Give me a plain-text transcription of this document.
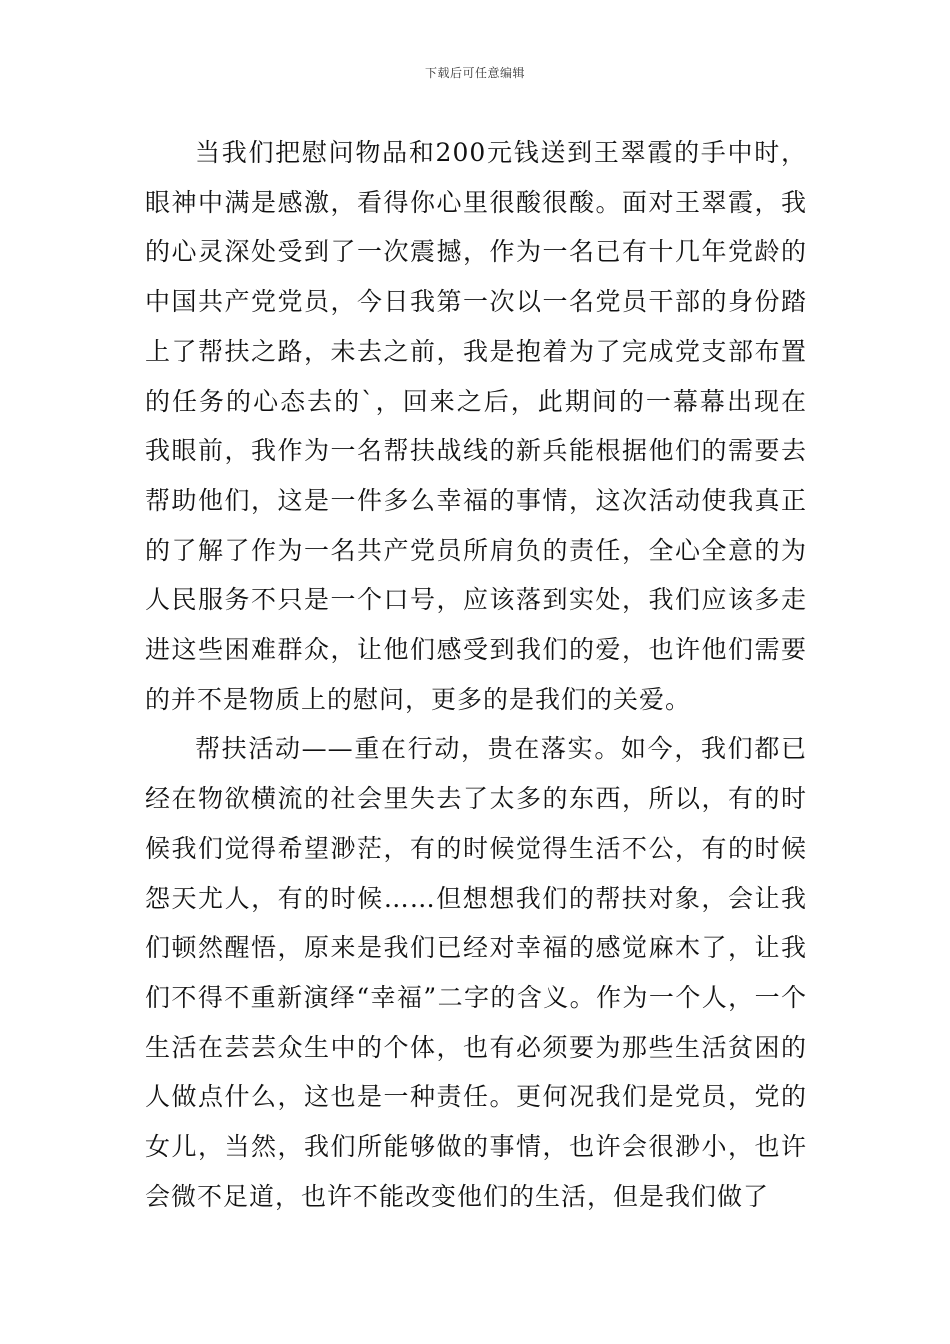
下载后可任意编辑

当我们把慰问物品和200元钱送到王翠霞的手中时，眼神中满是感激，看得你心里很酸很酸。面对王翠霞，我的心灵深处受到了一次震撼，作为一名已有十几年党龄的中国共产党党员，今日我第一次以一名党员干部的身份踏上了帮扶之路，未去之前，我是抱着为了完成党支部布置的任务的心态去的`，回来之后，此期间的一幕幕出现在我眼前，我作为一名帮扶战线的新兵能根据他们的需要去帮助他们，这是一件多么幸福的事情，这次活动使我真正的了解了作为一名共产党员所肩负的责任，全心全意的为人民服务不只是一个口号，应该落到实处，我们应该多走进这些困难群众，让他们感受到我们的爱，也许他们需要的并不是物质上的慰问，更多的是我们的关爱。

帮扶活动——重在行动，贵在落实。如今，我们都已经在物欲横流的社会里失去了太多的东西，所以，有的时候我们觉得希望渺茫，有的时候觉得生活不公，有的时候怨天尤人，有的时候……但想想我们的帮扶对象，会让我们顿然醒悟，原来是我们已经对幸福的感觉麻木了，让我们不得不重新演绎“幸福”二字的含义。作为一个人，一个生活在芸芸众生中的个体，也有必须要为那些生活贫困的人做点什么，这也是一种责任。更何况我们是党员，党的女儿，当然，我们所能够做的事情，也许会很渺小，也许会微不足道，也许不能改变他们的生活，但是我们做了
